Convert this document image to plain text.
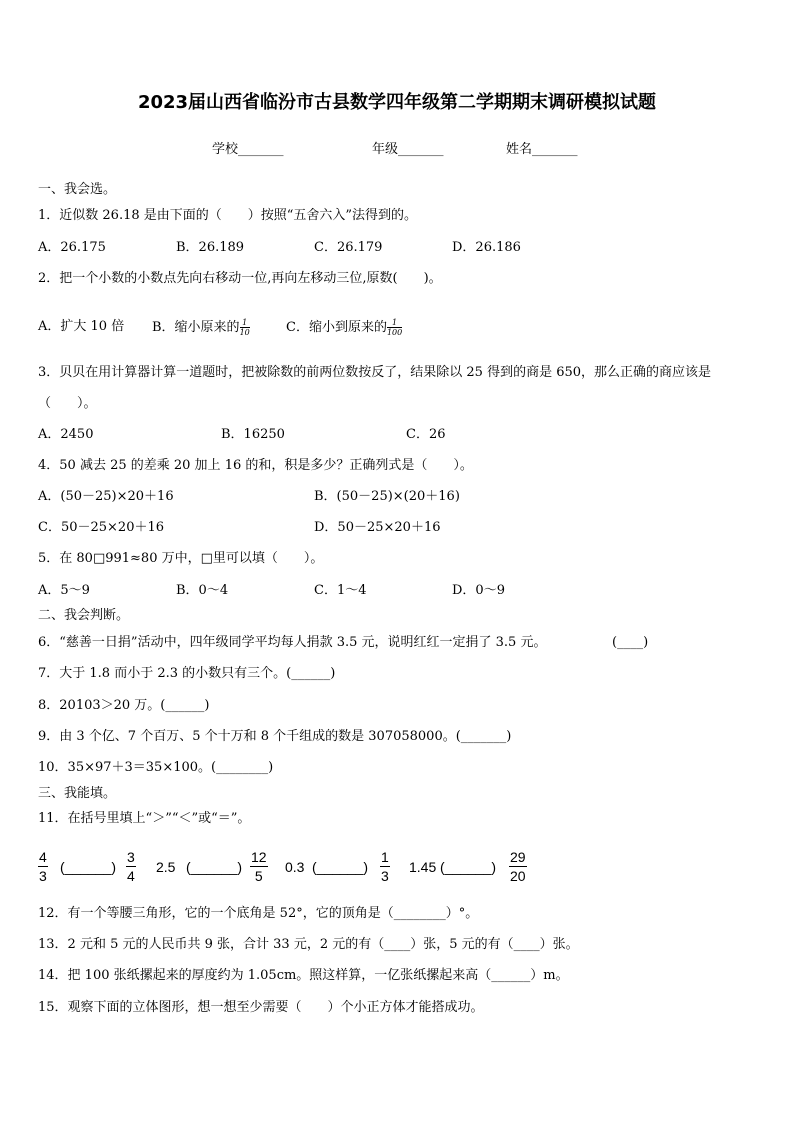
2023届山西省临汾市古县数学四年级第二学期期末调研模拟试题
学校_______	年级_______	姓名_______
一、我会选。
1．近似数 26.18 是由下面的（　　）按照“五舍六入”法得到的。
A．26.175	B．26.189	C．26.179	D．26.186
2．把一个小数的小数点先向右移动一位,再向左移动三位,原数(　　)。
A．扩大 10 倍 B．缩小原来的 $\frac{1}{10}$	C．缩小到原来的 $\frac{1}{100}$
3．贝贝在用计算器计算一道题时，把被除数的前两位数按反了，结果除以 25 得到的商是 650，那么正确的商应该是
（　　）。
A．2450	B．16250	C．26
4．50 减去 25 的差乘 20 加上 16 的和，积是多少？正确列式是（　　）。
A．(50－25)×20＋16	B．(50－25)×(20＋16)
C．50－25×20＋16	D．50－25×20＋16
5．在 80□991≈80 万中，□里可以填（　　）。
A．5～9	B．0～4	C．1～4	D．0～9
二、我会判断。
6．“慈善一日捐”活动中，四年级同学平均每人捐款 3.5 元，说明红红一定捐了 3.5 元。	(____)
7．大于 1.8 而小于 2.3 的小数只有三个。(______)
8．20103＞20 万。(______)
9．由 3 个亿、7 个百万、5 个十万和 8 个千组成的数是 307058000。(_______)
10．35×97＋3＝35×100。(________)
三、我能填。
11．在括号里填上“＞”“＜”或“＝”。
4
3
(______)
3
4
2.5 (______)
12
5
0.3 (______)
1
3
1.45 (______)
29
20
12．有一个等腰三角形，它的一个底角是 52°，它的顶角是（________）°。
13．2 元和 5 元的人民币共 9 张，合计 33 元，2 元的有（____）张，5 元的有（____）张。
14．把 100 张纸摞起来的厚度约为 1.05cm。照这样算，一亿张纸摞起来高（______）m。
15．观察下面的立体图形，想一想至少需要（　　）个小正方体才能搭成功。
